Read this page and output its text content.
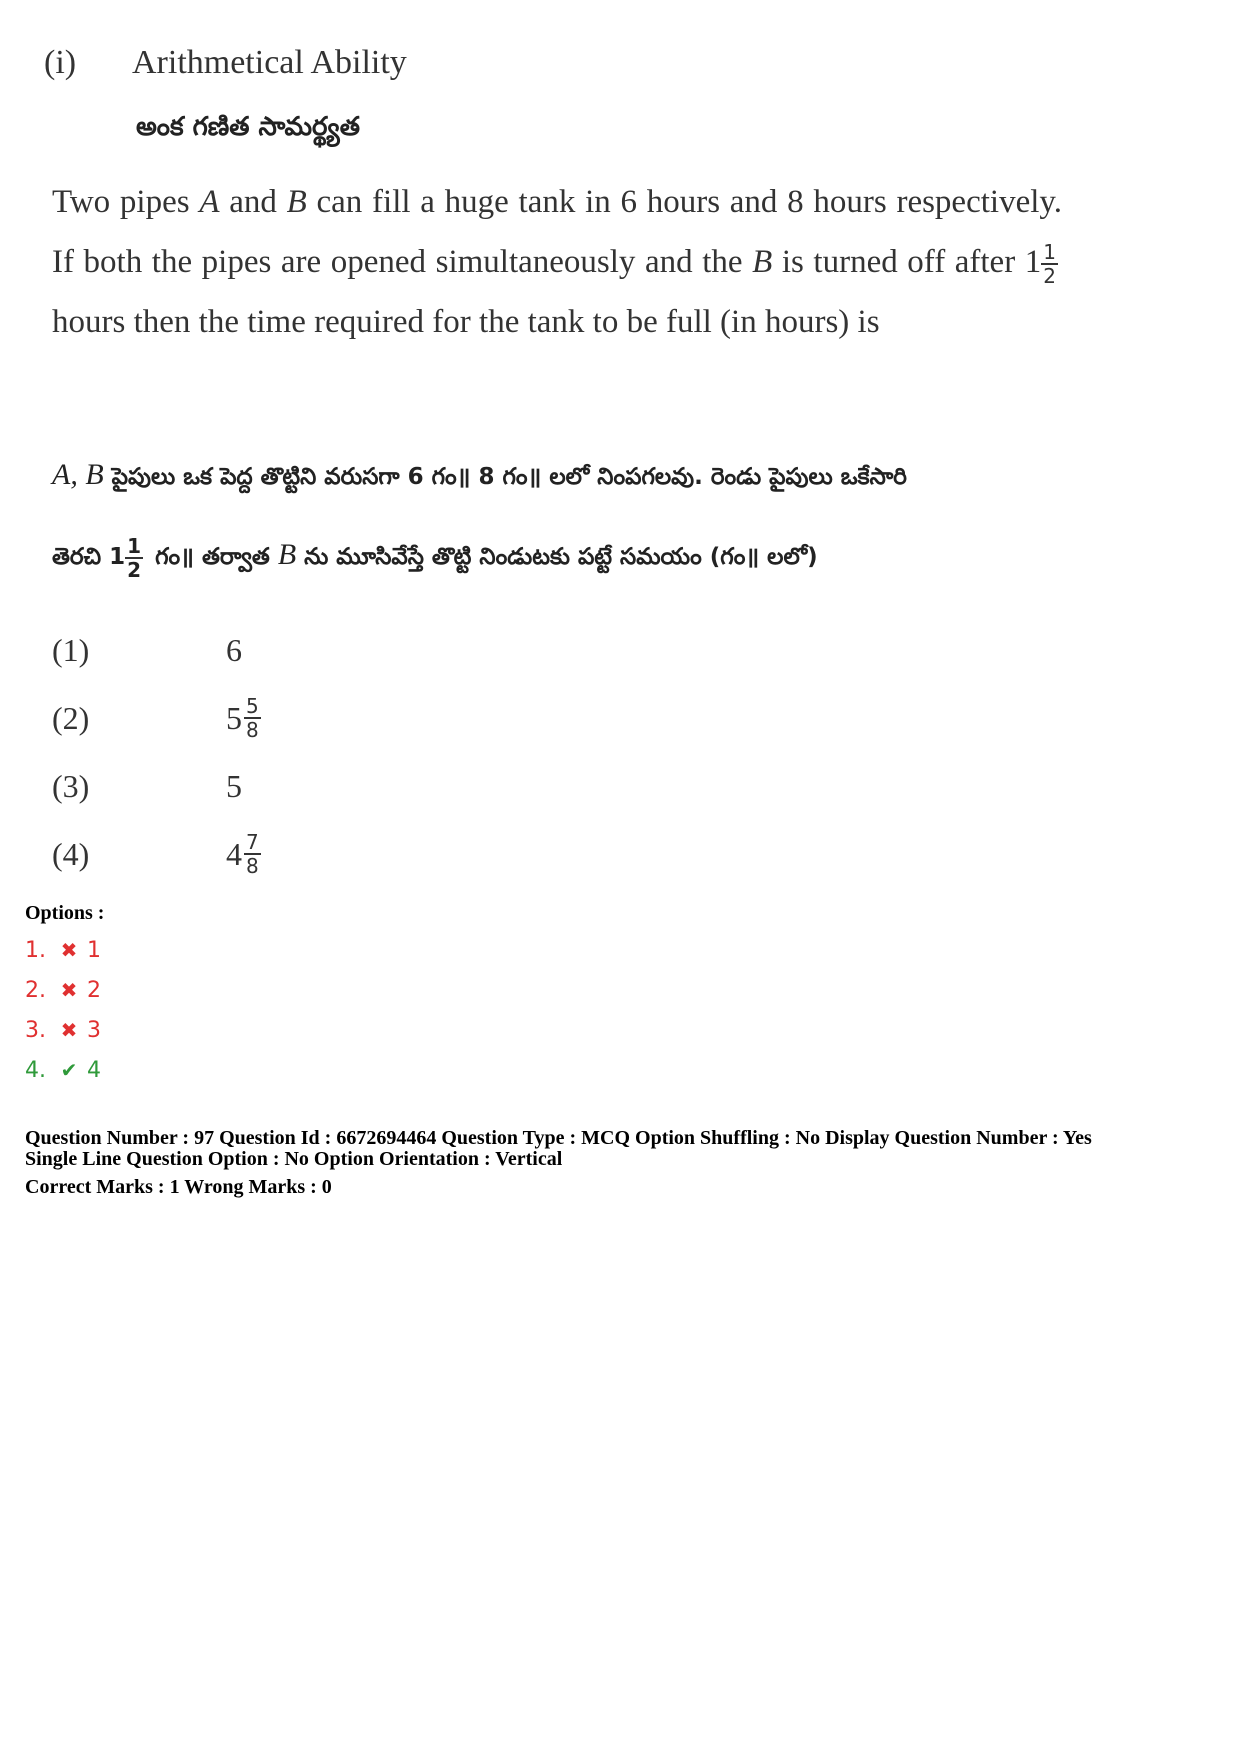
(i) Arithmetical Ability
అంక గణిత సామర్థ్యత

Two pipes A and B can fill a huge tank in 6 hours and 8 hours respectively. If both the pipes are opened simultaneously and the B is turned off after $1 \frac{1}{2}$
hours then the time required for the tank to be full (in hours) is

A, B పైపులు ఒక పెద్ద తొట్టిని వరుసగా 6 గం॥ 8 గం॥ లలో నింపగలవు. రెండు పైపులు ఒకేసారి

తెరచి $1 \frac{1}{2}$ గం॥ తర్వాత B ను మూసివేస్తే తొట్టి నిండుటకు పట్టే సమయం (గం॥ లలో)

(1)	6
(2)	$5 \frac{5}{8}$
(3)	5
(4)	$4 \frac{7}{8}$
Options :
1. ✖ 1
2. ✖ 2
3. ✖ 3
4. ✔ 4
Question Number : 97 Question Id : 6672694464 Question Type : MCQ Option Shuffling : No Display Question Number : Yes
Single Line Question Option : No Option Orientation : Vertical
Correct Marks : 1 Wrong Marks : 0
